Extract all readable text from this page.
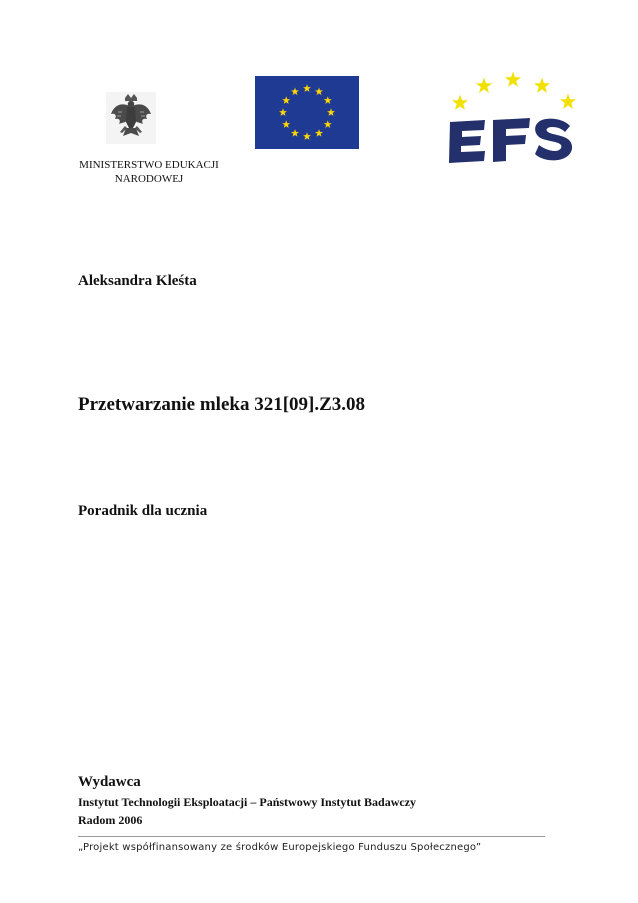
MINISTERSTWO EDUKACJI
NARODOWEJ
Aleksandra Kleśta
Przetwarzanie mleka 321[09].Z3.08
Poradnik dla ucznia
Wydawca
Instytut Technologii Eksploatacji – Państwowy Instytut Badawczy
Radom 2006
„Projekt współfinansowany ze środków Europejskiego Funduszu Społecznego”
